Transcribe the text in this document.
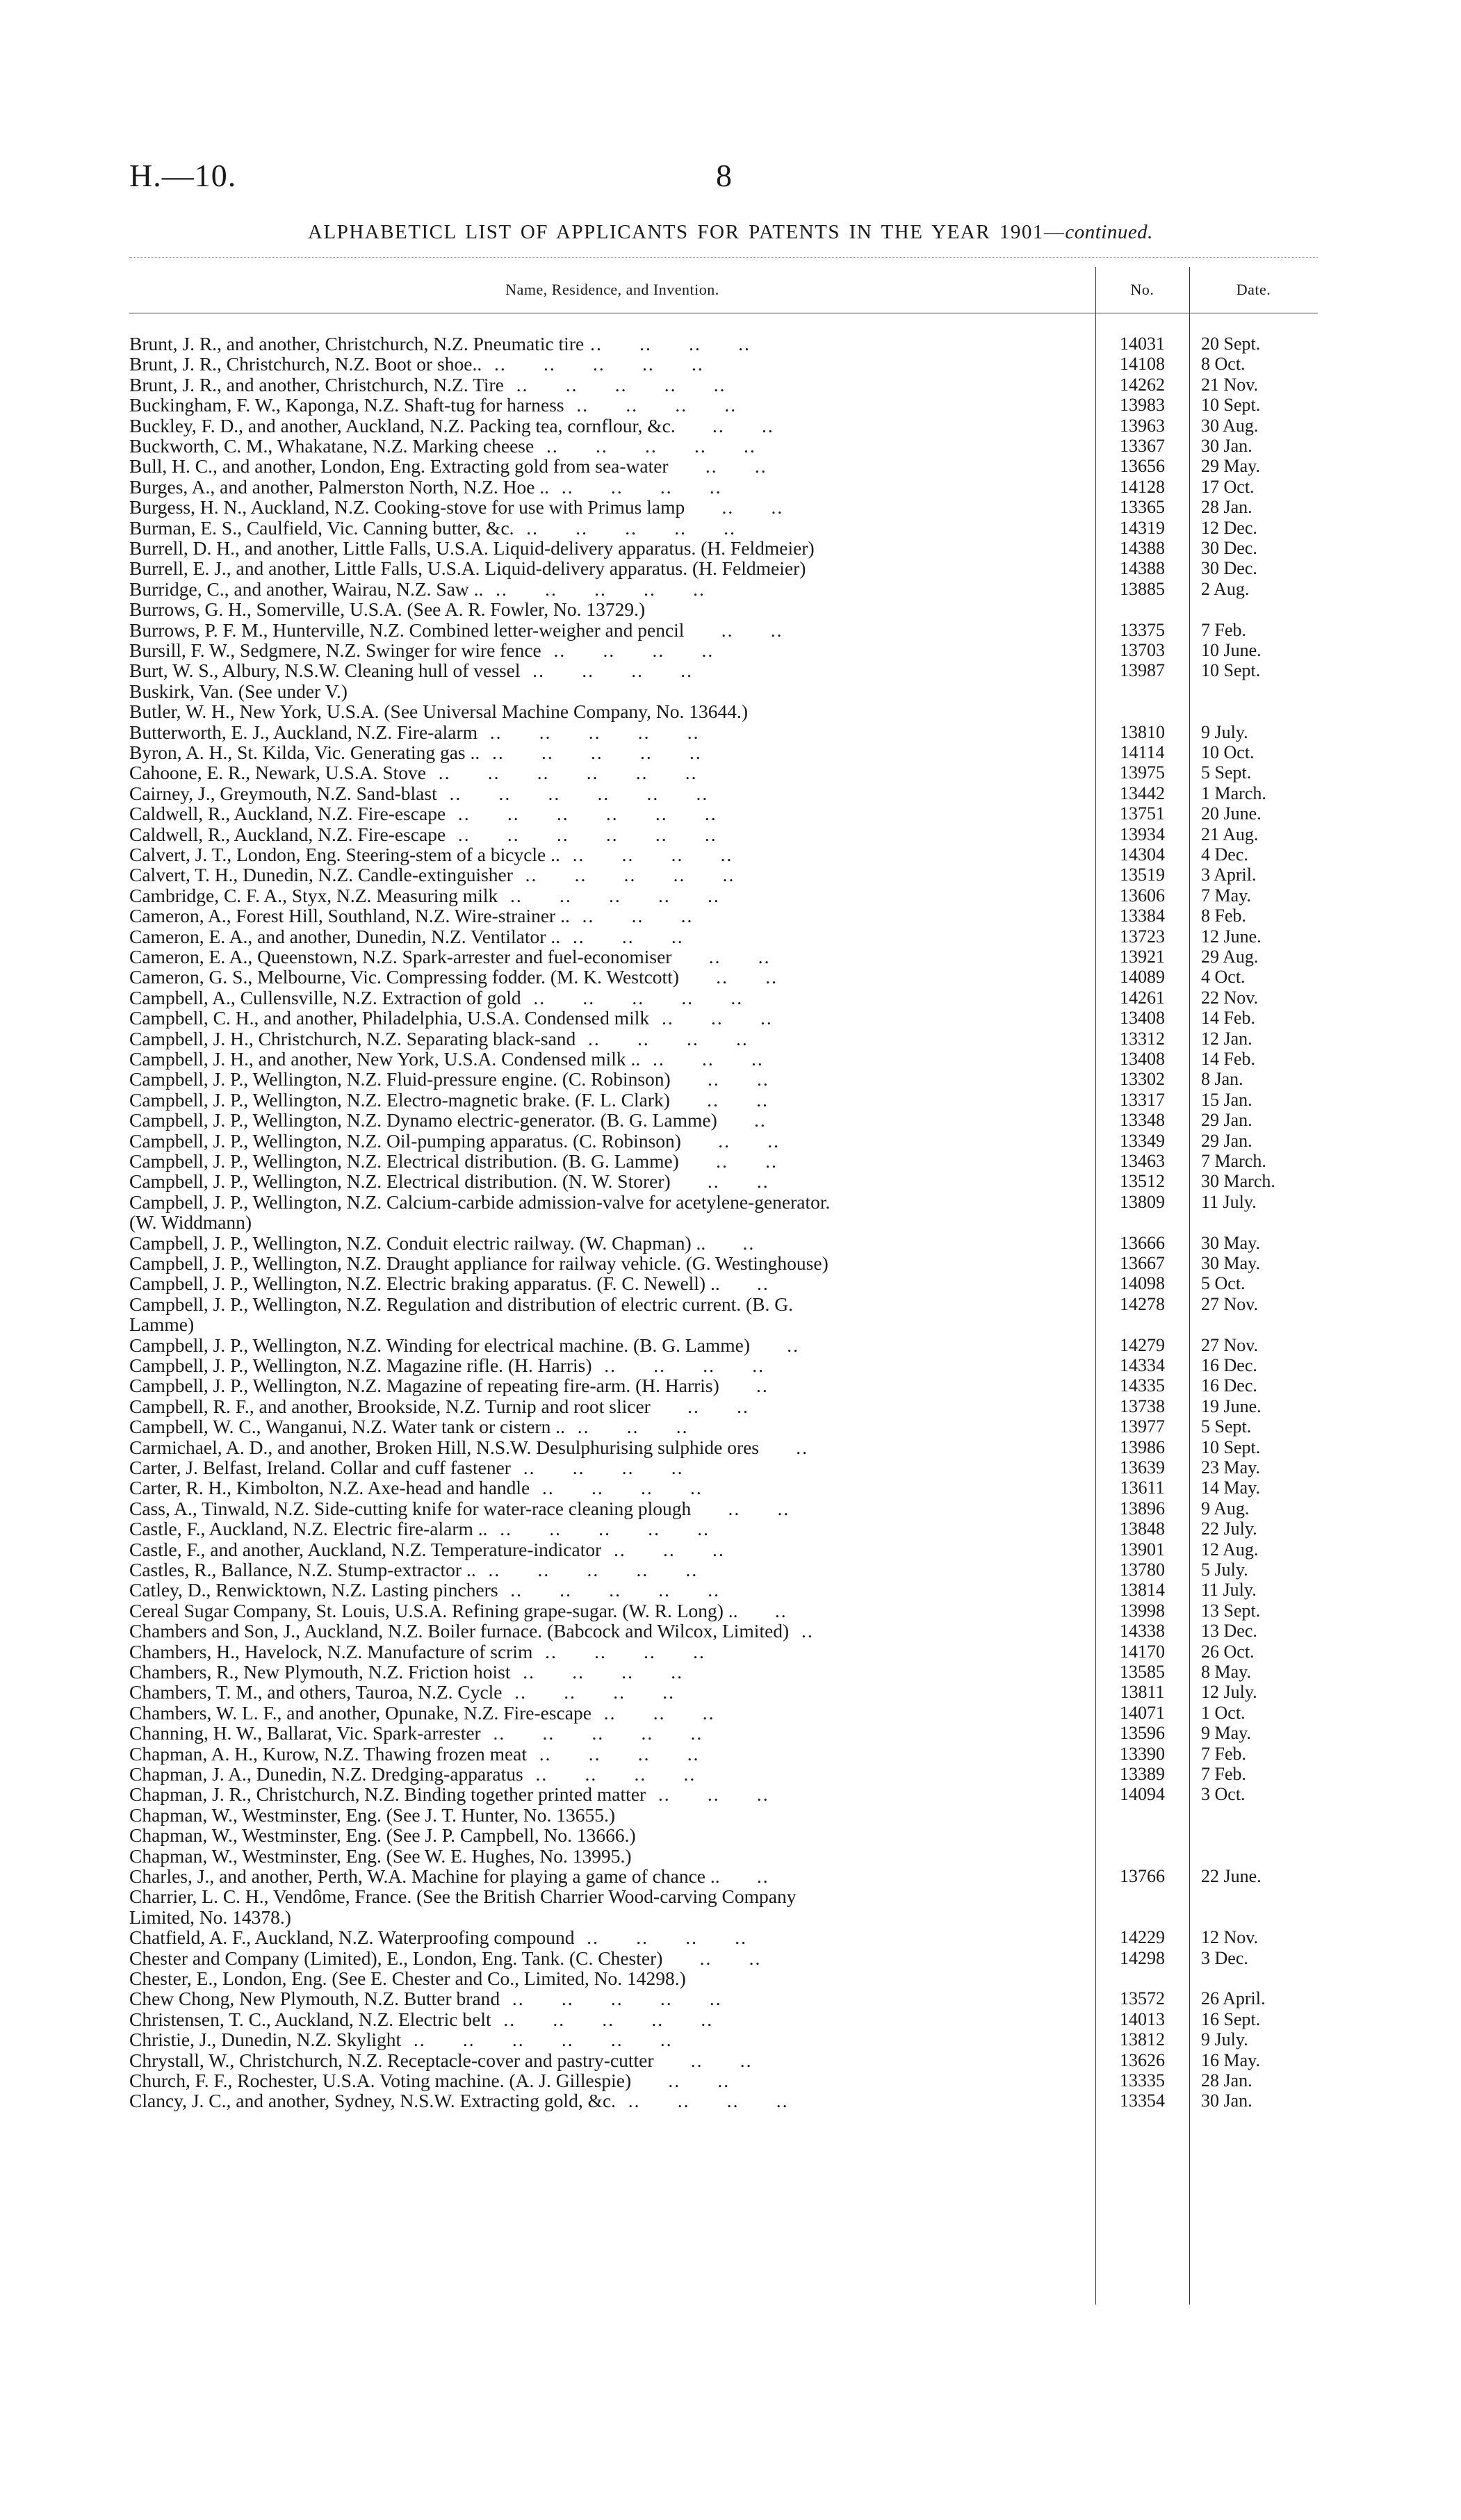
H.—10.	8
ALPHABETICL LIST OF APPLICANTS FOR PATENTS IN THE YEAR 1901—continued.
Name, Residence, and Invention.	No.	Date.
Brunt, J. R., and another, Christchurch, N.Z. Pneumatic tire ..      ..      ..      ..	14031	20 Sept.
Brunt, J. R., Christchurch, N.Z. Boot or shoe..  ..      ..      ..      ..      ..	14108	8 Oct.
Brunt, J. R., and another, Christchurch, N.Z. Tire  ..      ..      ..      ..      ..	14262	21 Nov.
Buckingham, F. W., Kaponga, N.Z. Shaft-tug for harness  ..      ..      ..      ..	13983	10 Sept.
Buckley, F. D., and another, Auckland, N.Z. Packing tea, cornflour, &c.      ..      ..	13963	30 Aug.
Buckworth, C. M., Whakatane, N.Z. Marking cheese  ..      ..      ..      ..      ..	13367	30 Jan.
Bull, H. C., and another, London, Eng. Extracting gold from sea-water      ..      ..	13656	29 May.
Burges, A., and another, Palmerston North, N.Z. Hoe ..  ..      ..      ..      ..	14128	17 Oct.
Burgess, H. N., Auckland, N.Z. Cooking-stove for use with Primus lamp      ..      ..	13365	28 Jan.
Burman, E. S., Caulfield, Vic. Canning butter, &c.  ..      ..      ..      ..      ..	14319	12 Dec.
Burrell, D. H., and another, Little Falls, U.S.A. Liquid-delivery apparatus. (H. Feldmeier)	14388	30 Dec.
Burrell, E. J., and another, Little Falls, U.S.A. Liquid-delivery apparatus. (H. Feldmeier)	14388	30 Dec.
Burridge, C., and another, Wairau, N.Z. Saw ..  ..      ..      ..      ..      ..	13885	2 Aug.
Burrows, G. H., Somerville, U.S.A. (See A. R. Fowler, No. 13729.)
Burrows, P. F. M., Hunterville, N.Z. Combined letter-weigher and pencil      ..      ..	13375	7 Feb.
Bursill, F. W., Sedgmere, N.Z. Swinger for wire fence  ..      ..      ..      ..	13703	10 June.
Burt, W. S., Albury, N.S.W. Cleaning hull of vessel  ..      ..      ..      ..	13987	10 Sept.
Buskirk, Van. (See under V.)
Butler, W. H., New York, U.S.A. (See Universal Machine Company, No. 13644.)
Butterworth, E. J., Auckland, N.Z. Fire-alarm  ..      ..      ..      ..      ..	13810	9 July.
Byron, A. H., St. Kilda, Vic. Generating gas ..  ..      ..      ..      ..      ..	14114	10 Oct.
Cahoone, E. R., Newark, U.S.A. Stove  ..      ..      ..      ..      ..      ..	13975	5 Sept.
Cairney, J., Greymouth, N.Z. Sand-blast  ..      ..      ..      ..      ..      ..	13442	1 March.
Caldwell, R., Auckland, N.Z. Fire-escape  ..      ..      ..      ..      ..      ..	13751	20 June.
Caldwell, R., Auckland, N.Z. Fire-escape  ..      ..      ..      ..      ..      ..	13934	21 Aug.
Calvert, J. T., London, Eng. Steering-stem of a bicycle ..  ..      ..      ..      ..	14304	4 Dec.
Calvert, T. H., Dunedin, N.Z. Candle-extinguisher  ..      ..      ..      ..      ..	13519	3 April.
Cambridge, C. F. A., Styx, N.Z. Measuring milk  ..      ..      ..      ..      ..	13606	7 May.
Cameron, A., Forest Hill, Southland, N.Z. Wire-strainer ..  ..      ..      ..	13384	8 Feb.
Cameron, E. A., and another, Dunedin, N.Z. Ventilator ..  ..      ..      ..	13723	12 June.
Cameron, E. A., Queenstown, N.Z. Spark-arrester and fuel-economiser      ..      ..	13921	29 Aug.
Cameron, G. S., Melbourne, Vic. Compressing fodder. (M. K. Westcott)      ..      ..	14089	4 Oct.
Campbell, A., Cullensville, N.Z. Extraction of gold  ..      ..      ..      ..      ..	14261	22 Nov.
Campbell, C. H., and another, Philadelphia, U.S.A. Condensed milk  ..      ..      ..	13408	14 Feb.
Campbell, J. H., Christchurch, N.Z. Separating black-sand  ..      ..      ..      ..	13312	12 Jan.
Campbell, J. H., and another, New York, U.S.A. Condensed milk ..  ..      ..      ..	13408	14 Feb.
Campbell, J. P., Wellington, N.Z. Fluid-pressure engine. (C. Robinson)      ..      ..	13302	8 Jan.
Campbell, J. P., Wellington, N.Z. Electro-magnetic brake. (F. L. Clark)      ..      ..	13317	15 Jan.
Campbell, J. P., Wellington, N.Z. Dynamo electric-generator. (B. G. Lamme)      ..	13348	29 Jan.
Campbell, J. P., Wellington, N.Z. Oil-pumping apparatus. (C. Robinson)      ..      ..	13349	29 Jan.
Campbell, J. P., Wellington, N.Z. Electrical distribution. (B. G. Lamme)      ..      ..	13463	7 March.
Campbell, J. P., Wellington, N.Z. Electrical distribution. (N. W. Storer)      ..      ..	13512	30 March.
Campbell, J. P., Wellington, N.Z. Calcium-carbide admission-valve for acetylene-generator.	13809	11 July.
(W. Widdmann)
Campbell, J. P., Wellington, N.Z. Conduit electric railway. (W. Chapman) ..      ..	13666	30 May.
Campbell, J. P., Wellington, N.Z. Draught appliance for railway vehicle. (G. Westinghouse)	13667	30 May.
Campbell, J. P., Wellington, N.Z. Electric braking apparatus. (F. C. Newell) ..      ..	14098	5 Oct.
Campbell, J. P., Wellington, N.Z. Regulation and distribution of electric current. (B. G.	14278	27 Nov.
Lamme)
Campbell, J. P., Wellington, N.Z. Winding for electrical machine. (B. G. Lamme)      ..	14279	27 Nov.
Campbell, J. P., Wellington, N.Z. Magazine rifle. (H. Harris)  ..      ..      ..      ..	14334	16 Dec.
Campbell, J. P., Wellington, N.Z. Magazine of repeating fire-arm. (H. Harris)      ..	14335	16 Dec.
Campbell, R. F., and another, Brookside, N.Z. Turnip and root slicer      ..      ..	13738	19 June.
Campbell, W. C., Wanganui, N.Z. Water tank or cistern ..  ..      ..      ..	13977	5 Sept.
Carmichael, A. D., and another, Broken Hill, N.S.W. Desulphurising sulphide ores      ..	13986	10 Sept.
Carter, J. Belfast, Ireland. Collar and cuff fastener  ..      ..      ..      ..	13639	23 May.
Carter, R. H., Kimbolton, N.Z. Axe-head and handle  ..      ..      ..      ..	13611	14 May.
Cass, A., Tinwald, N.Z. Side-cutting knife for water-race cleaning plough      ..      ..	13896	9 Aug.
Castle, F., Auckland, N.Z. Electric fire-alarm ..  ..      ..      ..      ..      ..	13848	22 July.
Castle, F., and another, Auckland, N.Z. Temperature-indicator  ..      ..      ..	13901	12 Aug.
Castles, R., Ballance, N.Z. Stump-extractor ..  ..      ..      ..      ..      ..	13780	5 July.
Catley, D., Renwicktown, N.Z. Lasting pinchers  ..      ..      ..      ..      ..	13814	11 July.
Cereal Sugar Company, St. Louis, U.S.A. Refining grape-sugar. (W. R. Long) ..      ..	13998	13 Sept.
Chambers and Son, J., Auckland, N.Z. Boiler furnace. (Babcock and Wilcox, Limited)  ..	14338	13 Dec.
Chambers, H., Havelock, N.Z. Manufacture of scrim  ..      ..      ..      ..	14170	26 Oct.
Chambers, R., New Plymouth, N.Z. Friction hoist  ..      ..      ..      ..	13585	8 May.
Chambers, T. M., and others, Tauroa, N.Z. Cycle  ..      ..      ..      ..	13811	12 July.
Chambers, W. L. F., and another, Opunake, N.Z. Fire-escape  ..      ..      ..	14071	1 Oct.
Channing, H. W., Ballarat, Vic. Spark-arrester  ..      ..      ..      ..      ..	13596	9 May.
Chapman, A. H., Kurow, N.Z. Thawing frozen meat  ..      ..      ..      ..	13390	7 Feb.
Chapman, J. A., Dunedin, N.Z. Dredging-apparatus  ..      ..      ..      ..	13389	7 Feb.
Chapman, J. R., Christchurch, N.Z. Binding together printed matter  ..      ..      ..	14094	3 Oct.
Chapman, W., Westminster, Eng. (See J. T. Hunter, No. 13655.)
Chapman, W., Westminster, Eng. (See J. P. Campbell, No. 13666.)
Chapman, W., Westminster, Eng. (See W. E. Hughes, No. 13995.)
Charles, J., and another, Perth, W.A. Machine for playing a game of chance ..      ..	13766	22 June.
Charrier, L. C. H., Vendôme, France. (See the British Charrier Wood-carving Company
Limited, No. 14378.)
Chatfield, A. F., Auckland, N.Z. Waterproofing compound  ..      ..      ..      ..	14229	12 Nov.
Chester and Company (Limited), E., London, Eng. Tank. (C. Chester)      ..      ..	14298	3 Dec.
Chester, E., London, Eng. (See E. Chester and Co., Limited, No. 14298.)
Chew Chong, New Plymouth, N.Z. Butter brand  ..      ..      ..      ..      ..	13572	26 April.
Christensen, T. C., Auckland, N.Z. Electric belt  ..      ..      ..      ..      ..	14013	16 Sept.
Christie, J., Dunedin, N.Z. Skylight  ..      ..      ..      ..      ..      ..	13812	9 July.
Chrystall, W., Christchurch, N.Z. Receptacle-cover and pastry-cutter      ..      ..	13626	16 May.
Church, F. F., Rochester, U.S.A. Voting machine. (A. J. Gillespie)      ..      ..	13335	28 Jan.
Clancy, J. C., and another, Sydney, N.S.W. Extracting gold, &c.  ..      ..      ..      ..	13354	30 Jan.
